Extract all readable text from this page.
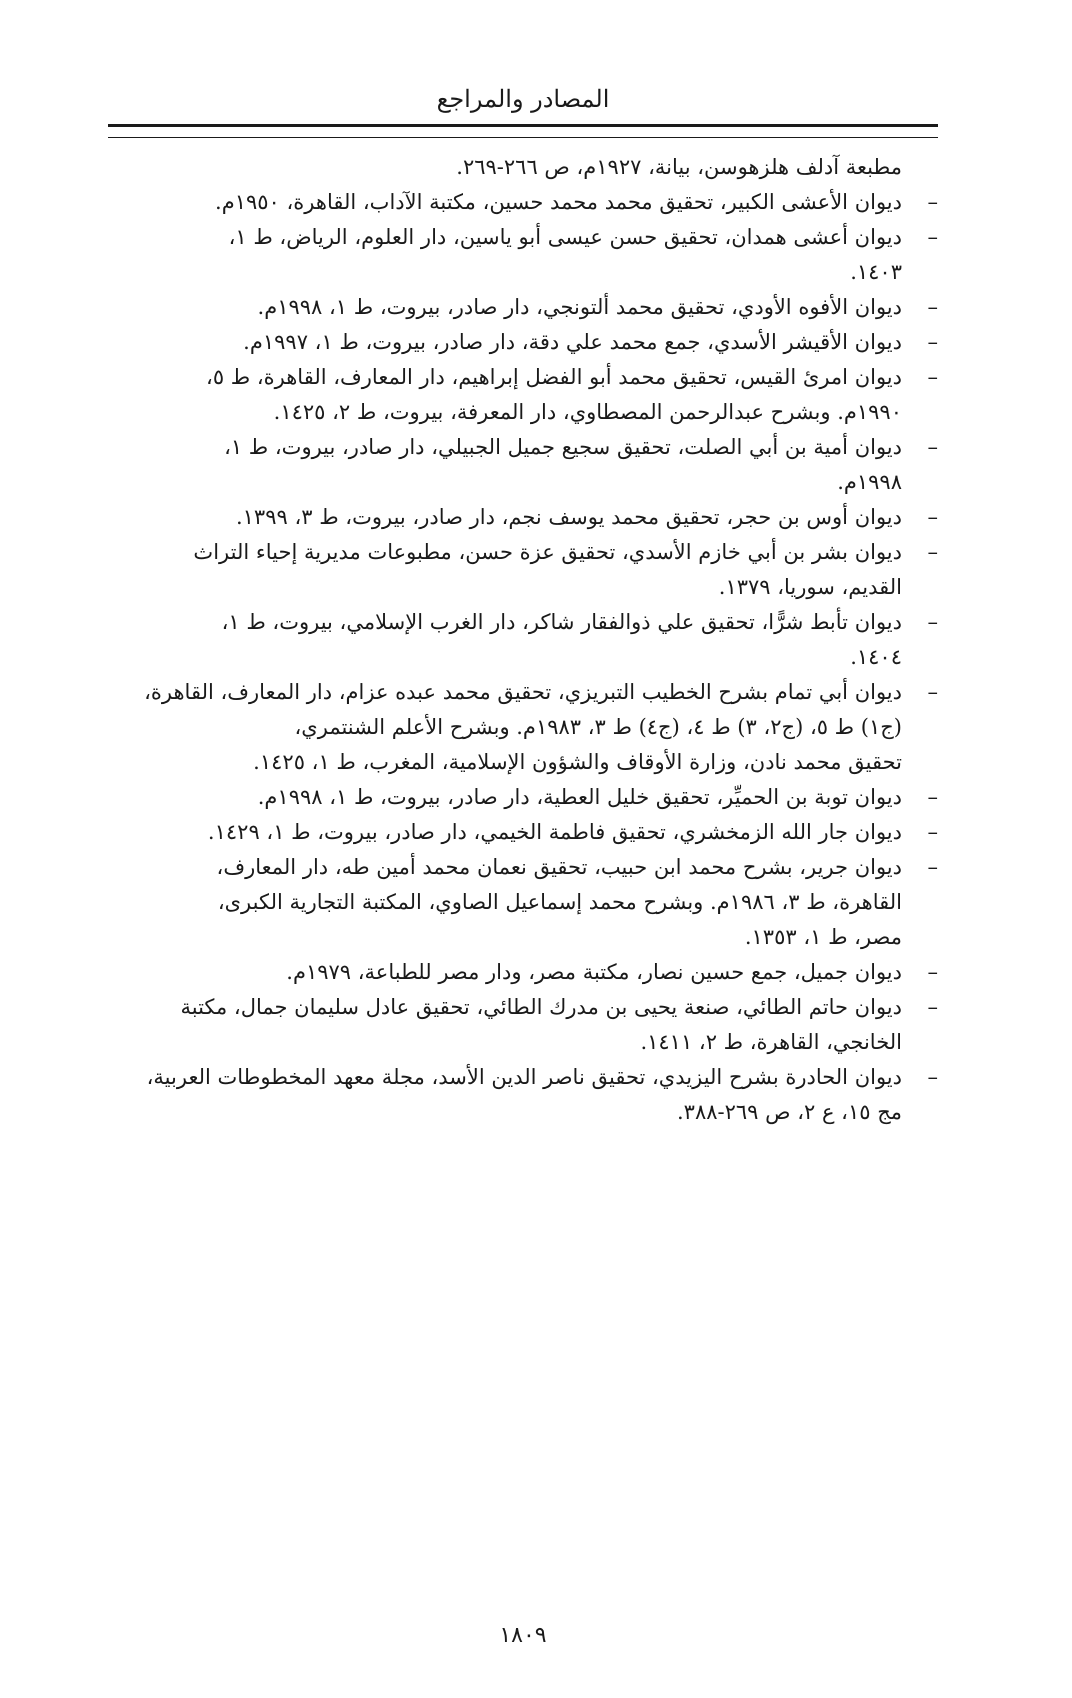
المصادر والمراجع
مطبعة آدلف هلزهوسن، بيانة، ١٩٢٧م، ص ٢٦٦-٢٦٩.
–
ديوان الأعشى الكبير، تحقيق محمد محمد حسين، مكتبة الآداب، القاهرة، ١٩٥٠م.
–
ديوان أعشى همدان، تحقيق حسن عيسى أبو ياسين، دار العلوم، الرياض، ط ١،
١٤٠٣.
–
ديوان الأفوه الأودي، تحقيق محمد ألتونجي، دار صادر، بيروت، ط ١، ١٩٩٨م.
–
ديوان الأقيشر الأسدي، جمع محمد علي دقة، دار صادر، بيروت، ط ١، ١٩٩٧م.
–
ديوان امرئ القيس، تحقيق محمد أبو الفضل إبراهيم، دار المعارف، القاهرة، ط ٥،
١٩٩٠م. وبشرح عبدالرحمن المصطاوي، دار المعرفة، بيروت، ط ٢، ١٤٢٥.
–
ديوان أمية بن أبي الصلت، تحقيق سجيع جميل الجبيلي، دار صادر، بيروت، ط ١،
١٩٩٨م.
–
ديوان أوس بن حجر، تحقيق محمد يوسف نجم، دار صادر، بيروت، ط ٣، ١٣٩٩.
–
ديوان بشر بن أبي خازم الأسدي، تحقيق عزة حسن، مطبوعات مديرية إحياء التراث
القديم، سوريا، ١٣٧٩.
–
ديوان تأبط شرًّا، تحقيق علي ذوالفقار شاكر، دار الغرب الإسلامي، بيروت، ط ١،
١٤٠٤.
–
ديوان أبي تمام بشرح الخطيب التبريزي، تحقيق محمد عبده عزام، دار المعارف، القاهرة،
(ج١) ط ٥، (ج٢، ٣) ط ٤، (ج٤) ط ٣، ١٩٨٣م. وبشرح الأعلم الشنتمري،
تحقيق محمد نادن، وزارة الأوقاف والشؤون الإسلامية، المغرب، ط ١، ١٤٢٥.
–
ديوان توبة بن الحميِّر، تحقيق خليل العطية، دار صادر، بيروت، ط ١، ١٩٩٨م.
–
ديوان جار الله الزمخشري، تحقيق فاطمة الخيمي، دار صادر، بيروت، ط ١، ١٤٢٩.
–
ديوان جرير، بشرح محمد ابن حبيب، تحقيق نعمان محمد أمين طه، دار المعارف،
القاهرة، ط ٣، ١٩٨٦م. وبشرح محمد إسماعيل الصاوي، المكتبة التجارية الكبرى،
مصر، ط ١، ١٣٥٣.
–
ديوان جميل، جمع حسين نصار، مكتبة مصر، ودار مصر للطباعة، ١٩٧٩م.
–
ديوان حاتم الطائي، صنعة يحيى بن مدرك الطائي، تحقيق عادل سليمان جمال، مكتبة
الخانجي، القاهرة، ط ٢، ١٤١١.
–
ديوان الحادرة بشرح اليزيدي، تحقيق ناصر الدين الأسد، مجلة معهد المخطوطات العربية،
مج ١٥، ع ٢، ص ٢٦٩-٣٨٨.
١٨٠٩
